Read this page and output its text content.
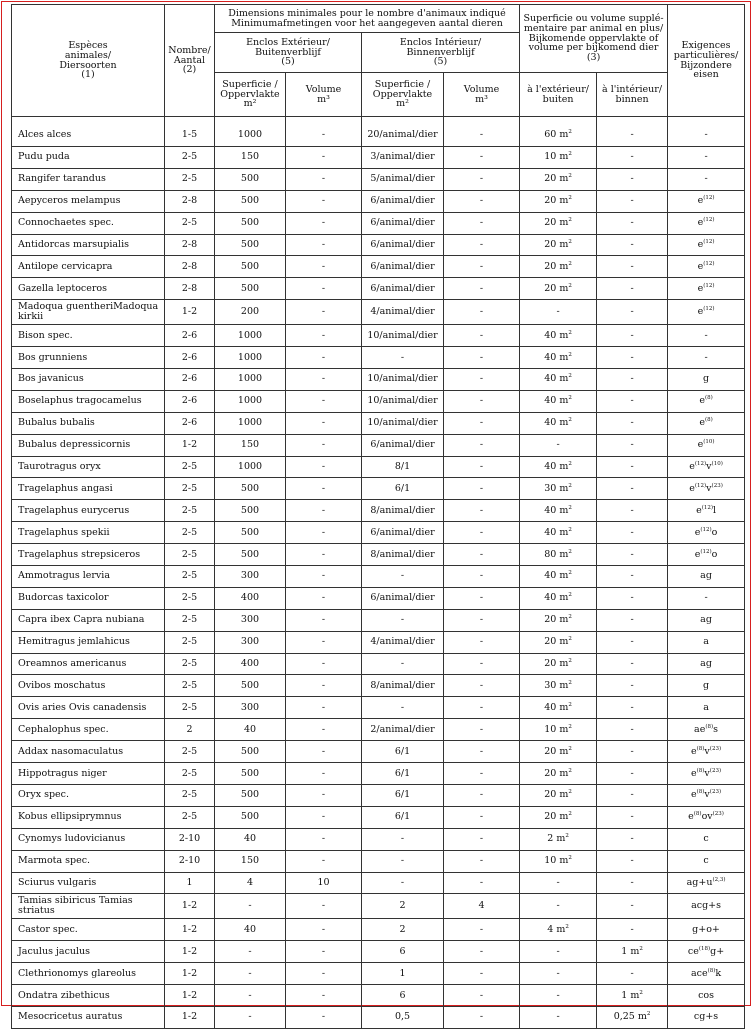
Espèces
animales/
Diersoorten
(1)	Nombre/
Aantal
(2)	Dimensions minimales pour le nombre d'animaux indiqué
Minimumafmetingen voor het aangegeven aantal dieren				Superficie ou volume supplé-
mentaire par animal en plus/
Bijkomende oppervlakte of
volume per bijkomend dier
(3)		Exigences
particulières/
Bijzondere
eisen
		Enclos Extérieur/
Buitenverblijf
(5)		Enclos Intérieur/
Binnenverblijf
(5)				
		Superficie /
Oppervlakte
m²	Volume
m³	Superficie /
Oppervlakte
m²	Volume
m³	à l'extérieur/
buiten	à l'intérieur/
binnen	
Alces alces	1-5	1000	-	20/animal/dier	-	60 $m^2$	-	-
Pudu puda	2-5	150	-	3/animal/dier	-	10 $m^2$	-	-
Rangifer tarandus	2-5	500	-	5/animal/dier	-	20 $m^2$	-	-
Aepyceros melampus	2-8	500	-	6/animal/dier	-	20 $m^2$	-	$e^{(12)}$
Connochaetes spec.	2-5	500	-	6/animal/dier	-	20 $m^2$	-	$e^{(12)}$
Antidorcas marsupialis	2-8	500	-	6/animal/dier	-	20 $m^2$	-	$e^{(12)}$
Antilope cervicapra	2-8	500	-	6/animal/dier	-	20 $m^2$	-	$e^{(12)}$
Gazella leptoceros	2-8	500	-	6/animal/dier	-	20 $m^2$	-	$e^{(12)}$
Madoqua guentheriMadoqua kirkii	1-2	200	-	4/animal/dier	-	-	-	$e^{(12)}$
Bison spec.	2-6	1000	-	10/animal/dier	-	40 $m^2$	-	-
Bos grunniens	2-6	1000	-	-	-	40 $m^2$	-	-
Bos javanicus	2-6	1000	-	10/animal/dier	-	40 $m^2$	-	g
Boselaphus tragocamelus	2-6	1000	-	10/animal/dier	-	40 $m^2$	-	$e^{(8)}$
Bubalus bubalis	2-6	1000	-	10/animal/dier	-	40 $m^2$	-	$e^{(8)}$
Bubalus depressicornis	1-2	150	-	6/animal/dier	-	-	-	$e^{(10)}$
Taurotragus oryx	2-5	1000	-	8/1	-	40 $m^2$	-	$e^{(12)}v^{(10)}$
Tragelaphus angasi	2-5	500	-	6/1	-	30 $m^2$	-	$e^{(12)}v^{(23)}$
Tragelaphus eurycerus	2-5	500	-	8/animal/dier	-	40 $m^2$	-	$e^{(12)}l$
Tragelaphus spekii	2-5	500	-	6/animal/dier	-	40 $m^2$	-	$e^{(12)}o$
Tragelaphus strepsiceros	2-5	500	-	8/animal/dier	-	80 $m^2$	-	$e^{(12)}o$
Ammotragus lervia	2-5	300	-	-	-	40 $m^2$	-	ag
Budorcas taxicolor	2-5	400	-	6/animal/dier	-	40 $m^2$	-	-
Capra ibex Capra nubiana	2-5	300	-	-	-	20 $m^2$	-	ag
Hemitragus jemlahicus	2-5	300	-	4/animal/dier	-	20 $m^2$	-	a
Oreamnos americanus	2-5	400	-	-	-	20 $m^2$	-	ag
Ovibos moschatus	2-5	500	-	8/animal/dier	-	30 $m^2$	-	g
Ovis aries Ovis canadensis	2-5	300	-	-	-	40 $m^2$	-	a
Cephalophus spec.	2	40	-	2/animal/dier	-	10 $m^2$	-	$ae^{(8)}s$
Addax nasomaculatus	2-5	500	-	6/1	-	20 $m^2$	-	$e^{(8)}v^{(23)}$
Hippotragus niger	2-5	500	-	6/1	-	20 $m^2$	-	$e^{(8)}v^{(23)}$
Oryx spec.	2-5	500	-	6/1	-	20 $m^2$	-	$e^{(8)}v^{(23)}$
Kobus ellipsiprymnus	2-5	500	-	6/1	-	20 $m^2$	-	$e^{(8)}ov^{(23)}$
Cynomys ludovicianus	2-10	40	-	-	-	2 $m^2$	-	c
Marmota spec.	2-10	150	-	-	-	10 $m^2$	-	c
Sciurus vulgaris	1	4	10	-	-	-	-	$ag+u^{(2,3)}$
Tamias sibiricus Tamias striatus	1-2	-	-	2	4	-	-	acg+s
Castor spec.	1-2	40	-	2	-	4 $m^2$	-	g+o+
Jaculus jaculus	1-2	-	-	6	-	-	1 $m^2$	$ce^{(18)}g+$
Clethrionomys glareolus	1-2	-	-	1	-	-	-	ace$^{(8)}$k
Ondatra zibethicus	1-2	-	-	6	-	-	1 $m^2$	cos
Mesocricetus auratus	1-2	-	-	0,5	-	-	0,25 $m^2$	cg+s
